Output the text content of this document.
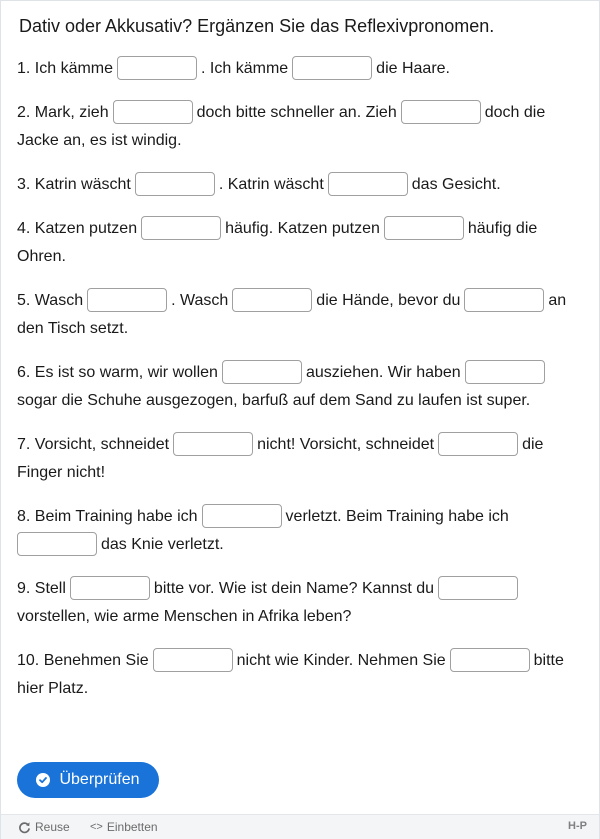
Dativ oder Akkusativ? Ergänzen Sie das Reflexivpronomen.
1. Ich kämme	. Ich kämme	die Haare.
2. Mark, zieh	doch bitte schneller an. Zieh	doch die Jacke an, es ist windig.
3. Katrin wäscht	. Katrin wäscht	das Gesicht.
4. Katzen putzen	häufig. Katzen putzen	häufig die Ohren.
5. Wasch	. Wasch	die Hände, bevor du	an den Tisch setzt.
6. Es ist so warm, wir wollen	ausziehen. Wir habensogar die Schuhe ausgezogen, barfuß auf dem Sand zu laufen ist super.
7. Vorsicht, schneidet	nicht! Vorsicht, schneidet	die Finger nicht!
8. Beim Training habe ich	verletzt. Beim Training habe ichdas Knie verletzt.
9. Stell	bitte vor. Wie ist dein Name? Kannst duvorstellen, wie arme Menschen in Afrika leben?
10. Benehmen Sie	nicht wie Kinder. Nehmen Sie	bitte hier Platz.
Überprüfen
Reuse <> Einbetten	H-P
